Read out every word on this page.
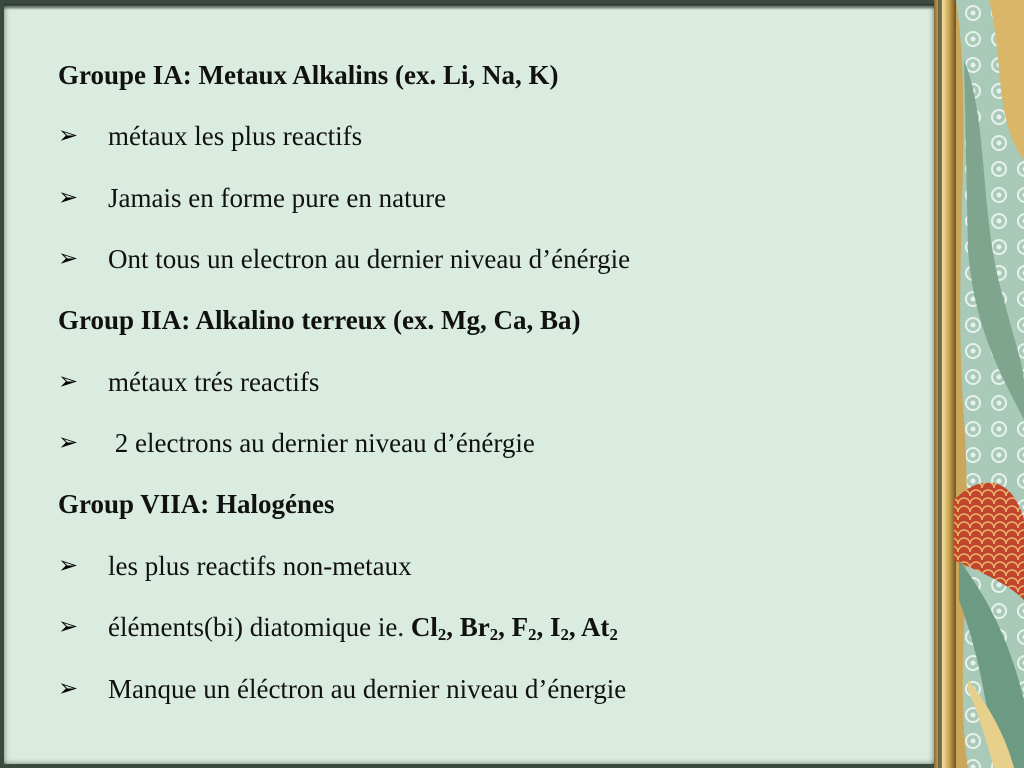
Groupe IA: Metaux Alkalins (ex. Li, Na, K)

➢	métaux les plus reactifs
➢	Jamais en forme pure en nature
➢	Ont tous un electron au dernier niveau d’énérgie

Group IIA: Alkalino terreux (ex. Mg, Ca, Ba)

➢	métaux trés reactifs
➢	2 electrons au dernier niveau d’énérgie

Group VIIA: Halogénes

➢	les plus reactifs non-metaux
➢	éléments(bi) diatomique ie. $Cl_2$, $Br_2$, $F_2$, $I_2$, $At_2$
➢	Manque un éléctron au dernier niveau d’énergie
